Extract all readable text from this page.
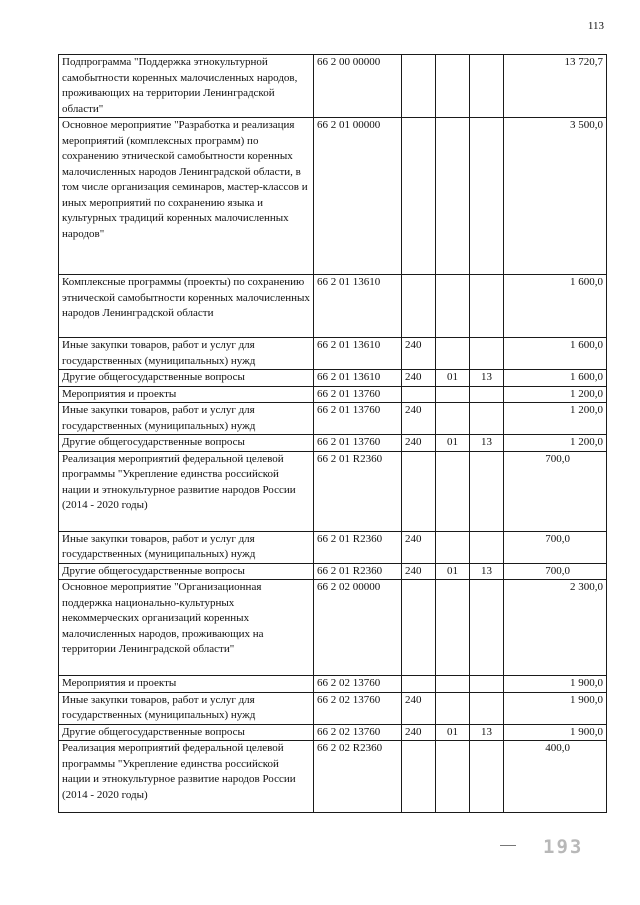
113
Подпрограмма "Поддержка этнокультурной самобытности коренных малочисленных народов, проживающих на территории Ленинградской области"	66 2 00 00000				13 720,7
Основное мероприятие "Разработка и реализация мероприятий (комплексных программ) по сохранению этнической самобытности коренных малочисленных народов Ленинградской области, в том числе организация семинаров, мастер-классов и иных мероприятий по сохранению языка и культурных традиций коренных малочисленных народов"	66 2 01 00000				3 500,0
Комплексные программы (проекты) по сохранению этнической самобытности коренных малочисленных народов Ленинградской области	66 2 01 13610				1 600,0
Иные закупки товаров, работ и услуг для государственных (муниципальных) нужд	66 2 01 13610	240			1 600,0
Другие общегосударственные вопросы	66 2 01 13610	240	01	13	1 600,0
Мероприятия и проекты	66 2 01 13760				1 200,0
Иные закупки товаров, работ и услуг для государственных (муниципальных) нужд	66 2 01 13760	240			1 200,0
Другие общегосударственные вопросы	66 2 01 13760	240	01	13	1 200,0
Реализация мероприятий федеральной целевой программы "Укрепление единства российской нации и этнокультурное развитие народов России (2014 - 2020 годы)	66 2 01 R2360				700,0
Иные закупки товаров, работ и услуг для государственных (муниципальных) нужд	66 2 01 R2360	240			700,0
Другие общегосударственные вопросы	66 2 01 R2360	240	01	13	700,0
Основное мероприятие "Организационная поддержка национально-культурных некоммерческих организаций коренных малочисленных народов, проживающих на территории Ленинградской области"	66 2 02 00000				2 300,0
Мероприятия и проекты	66 2 02 13760				1 900,0
Иные закупки товаров, работ и услуг для государственных (муниципальных) нужд	66 2 02 13760	240			1 900,0
Другие общегосударственные вопросы	66 2 02 13760	240	01	13	1 900,0
Реализация мероприятий федеральной целевой программы "Укрепление единства российской нации и этнокультурное развитие народов России (2014 - 2020 годы)	66 2 02 R2360				400,0
193
